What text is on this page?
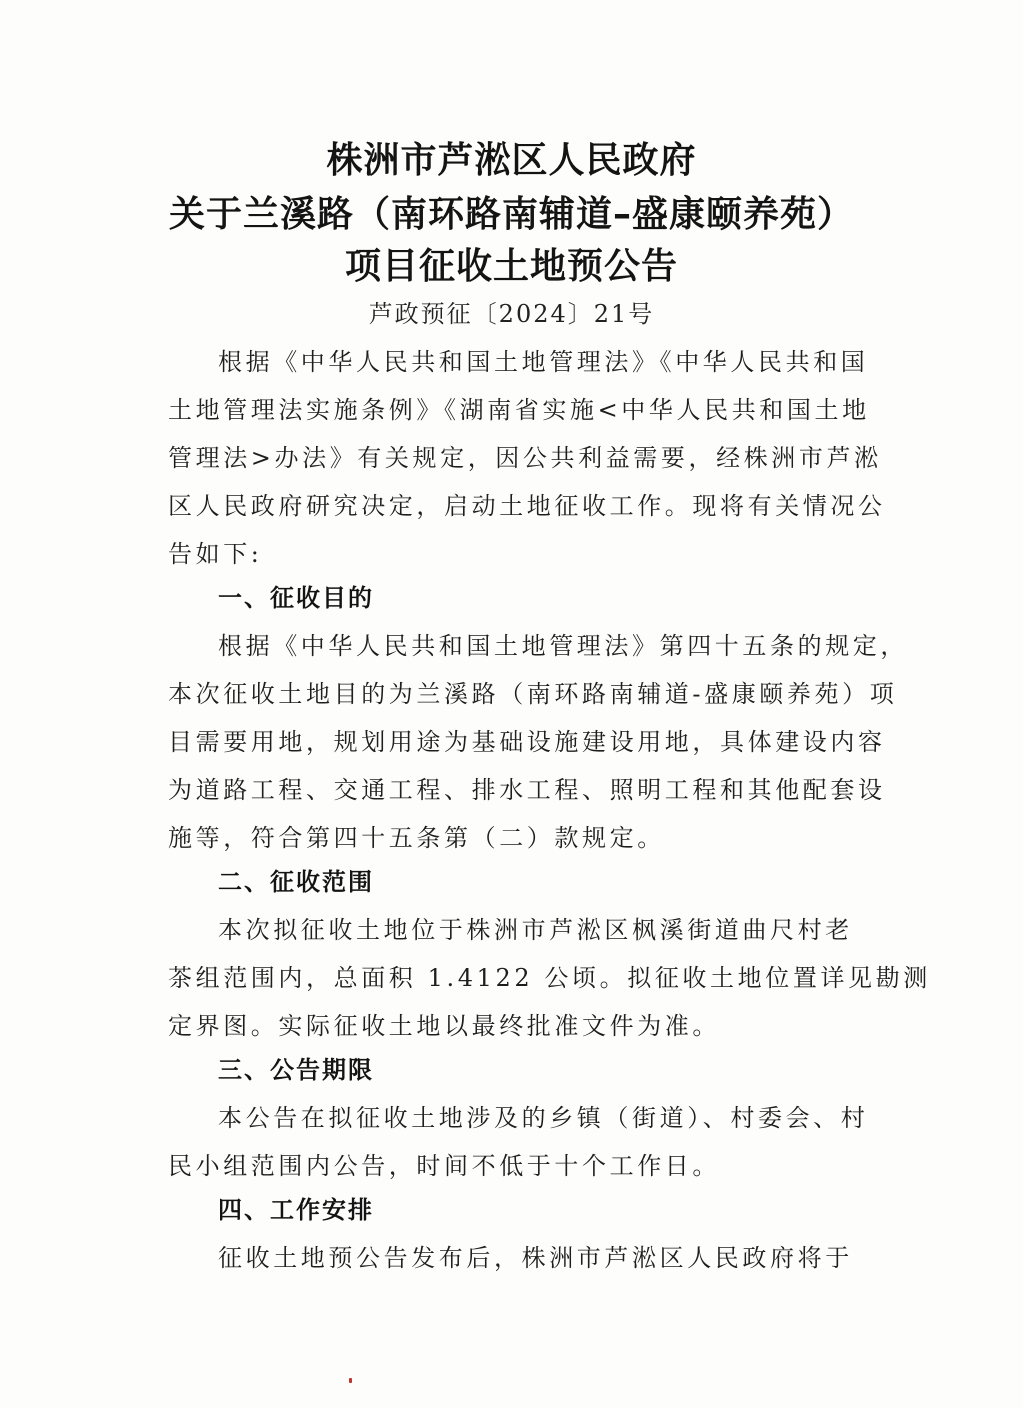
株洲市芦淞区人民政府
关于兰溪路（南环路南辅道–盛康颐养苑）
项目征收土地预公告
芦政预征〔2024〕21号
根据《中华人民共和国土地管理法》《中华人民共和国
土地管理法实施条例》《湖南省实施<中华人民共和国土地
管理法>办法》有关规定，因公共利益需要，经株洲市芦淞
区人民政府研究决定，启动土地征收工作。现将有关情况公
告如下:
一、征收目的
根据《中华人民共和国土地管理法》第四十五条的规定，
本次征收土地目的为兰溪路（南环路南辅道-盛康颐养苑）项
目需要用地，规划用途为基础设施建设用地，具体建设内容
为道路工程、交通工程、排水工程、照明工程和其他配套设
施等，符合第四十五条第（二）款规定。
二、征收范围
本次拟征收土地位于株洲市芦淞区枫溪街道曲尺村老
茶组范围内，总面积 1.4122 公顷。拟征收土地位置详见勘测
定界图。实际征收土地以最终批准文件为准。
三、公告期限
本公告在拟征收土地涉及的乡镇（街道）、村委会、村
民小组范围内公告，时间不低于十个工作日。
四、工作安排
征收土地预公告发布后，株洲市芦淞区人民政府将于
